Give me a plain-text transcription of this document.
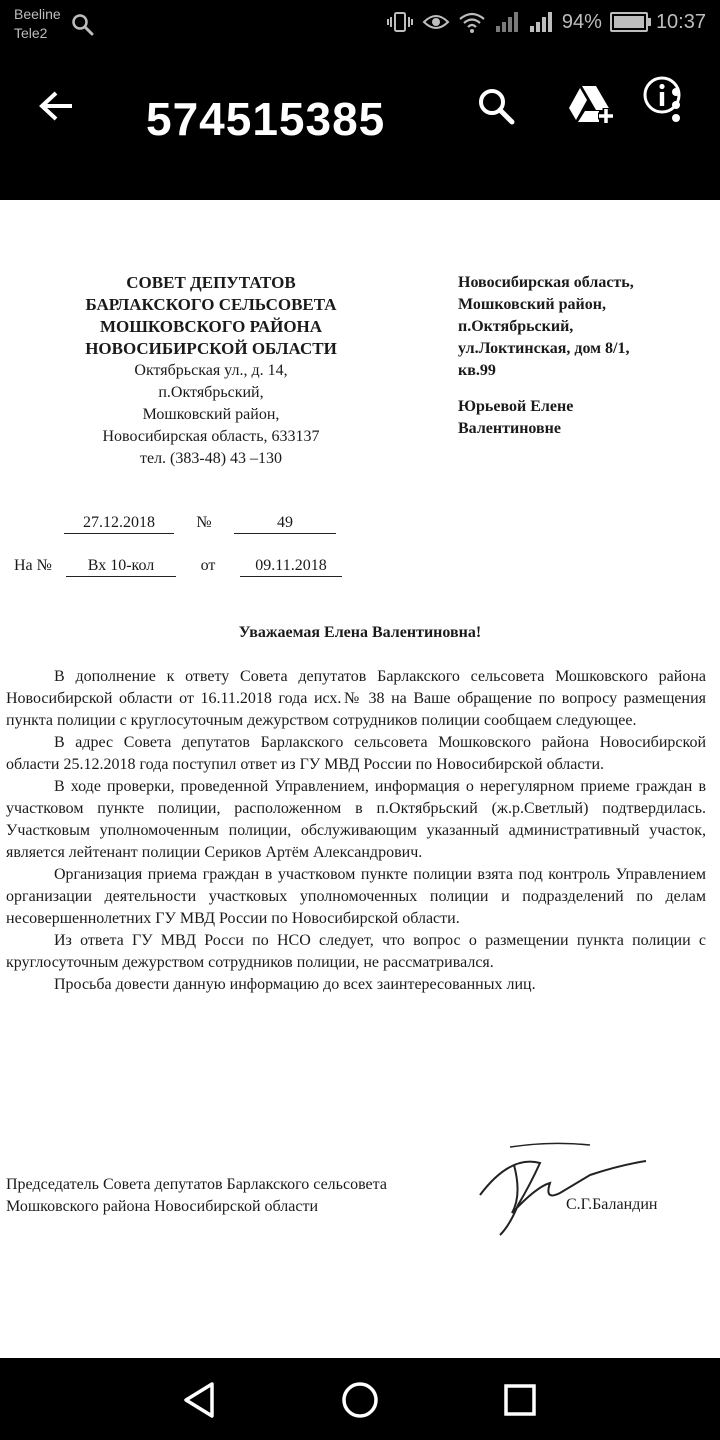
Beeline
Tele2
94%	10:37
574515385
СОВЕТ ДЕПУТАТОВ
БАРЛАКСКОГО СЕЛЬСОВЕТА
МОШКОВСКОГО РАЙОНА
НОВОСИБИРСКОЙ ОБЛАСТИ
Октябрьская ул., д. 14,
п.Октябрьский,
Мошковский район,
Новосибирская область, 633137
тел. (383-48) 43 –130
Новосибирская область,
Мошковский район,
п.Октябрьский,
ул.Локтинская, дом 8/1,
кв.99
Юрьевой Елене
Валентиновне
27.12.2018	№	49
На № Вх 10-кол	от 09.11.2018
Уважаемая Елена Валентиновна!

В дополнение к ответу Совета депутатов Барлакского сельсовета Мошковского района Новосибирской области от 16.11.2018 года исх.№ 38 на Ваше обращение по вопросу размещения пункта полиции с круглосуточным дежурством сотрудников полиции сообщаем следующее.

В адрес Совета депутатов Барлакского сельсовета Мошковского района Новосибирской области 25.12.2018 года поступил ответ из ГУ МВД России по Новосибирской области.

В ходе проверки, проведенной Управлением, информация о нерегулярном приеме граждан в участковом пункте полиции, расположенном в п.Октябрьский (ж.р.Светлый) подтвердилась. Участковым уполномоченным полиции, обслуживающим указанный административный участок, является лейтенант полиции Сериков Артём Александрович.

Организация приема граждан в участковом пункте полиции взята под контроль Управлением организации деятельности участковых уполномоченных полиции и подразделений по делам несовершеннолетних ГУ МВД России по Новосибирской области.

Из ответа ГУ МВД Росси по НСО следует, что вопрос о размещении пункта полиции с круглосуточным дежурством сотрудников полиции, не рассматривался.

Просьба довести данную информацию до всех заинтересованных лиц.

Председатель Совета депутатов Барлакского сельсовета
Мошковского района Новосибирской области	С.Г.Баландин
